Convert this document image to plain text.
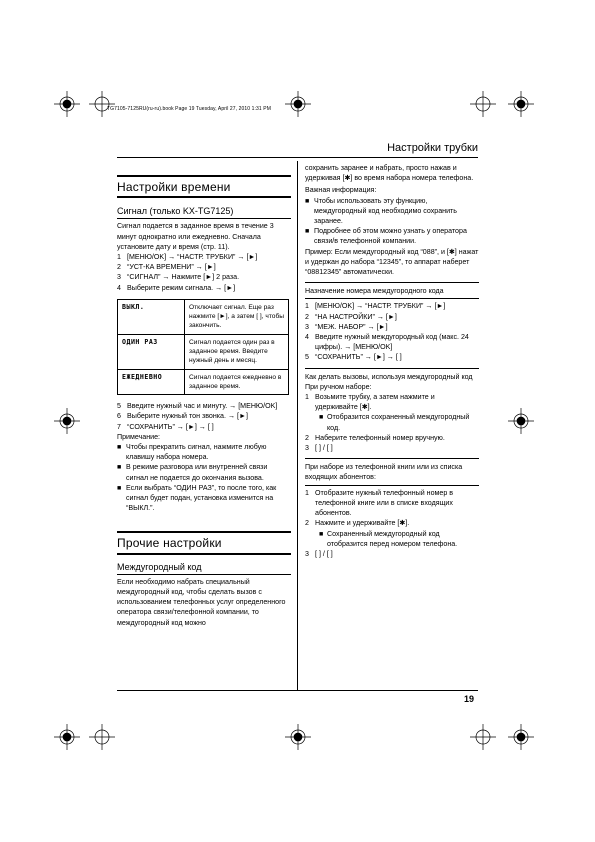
TG7105-7125RU(ru-ru).book Page 19 Tuesday, April 27, 2010 1:31 PM
Настройки трубки
Настройки времени
Сигнал (только KX-TG7125)

Сигнал подается в заданное время в течение 3 минут однократно или ежедневно. Сначала установите дату и время (стр. 11).

1 [МЕНЮ/OK] → “НАСТР. ТРУБКИ” → [►]
2 “УСТ-КА ВРЕМЕНИ” → [►]
3 “СИГНАЛ” → Нажмите [►] 2 раза.
4 Выберите режим сигнала. → [►]
ВЫКЛ.	Отключает сигнал. Еще раз нажмите [►], а затем [ ], чтобы закончить.
ОДИН РАЗ	Сигнал подается один раз в заданное время. Введите нужный день и месяц.
ЕЖЕДНЕВНО	Сигнал подается ежедневно в заданное время.
5 Введите нужный час и минуту. → [МЕНЮ/OK]
6 Выберите нужный тон звонка. → [►]
7 “СОХРАНИТЬ” → [►] → [ ]

Примечание:

■ Чтобы прекратить сигнал, нажмите любую клавишу набора номера.
■ В режиме разговора или внутренней связи сигнал не подается до окончания вызова.
■ Если выбрать “ОДИН РАЗ”, то после того, как сигнал будет подан, установка изменится на “ВЫКЛ.”.
Прочие настройки
Междугородный код

Если необходимо набрать специальный междугородный код, чтобы сделать вызов с использованием телефонных услуг определенного оператора связи/телефонной компании, то междугородный код можно

сохранить заранее и набрать, просто нажав и удерживая [✱] во время набора номера телефона.

Важная информация:

■ Чтобы использовать эту функцию, междугородный код необходимо сохранить заранее.
■ Подробнее об этом можно узнать у оператора связи/в телефонной компании.

Пример: Если междугородный код “088”, и [✱] нажат и удержан до набора “12345”, то аппарат наберет “08812345” автоматически.

Назначение номера междугородного кода

1 [МЕНЮ/OK] → “НАСТР. ТРУБКИ” → [►]
2 “НА НАСТРОЙКИ” → [►]
3 “МЕЖ. НАБОР” → [►]
4 Введите нужный междугородный код (макс. 24 цифры). → [МЕНЮ/OK]
5 “СОХРАНИТЬ” → [►] → [ ]

Как делать вызовы, используя междугородный код

При ручном наборе:

1 Возьмите трубку, а затем нажмите и удерживайте [✱].
■ Отобразится сохраненный междугородный код.
2 Наберите телефонный номер вручную.
3 [ ] / [ ]

При наборе из телефонной книги или из списка входящих абонентов:

1 Отобразите нужный телефонный номер в телефонной книге или в списке входящих абонентов.
2 Нажмите и удерживайте [✱].
■ Сохраненный междугородный код отобразится перед номером телефона.
3 [ ] / [ ]
19
